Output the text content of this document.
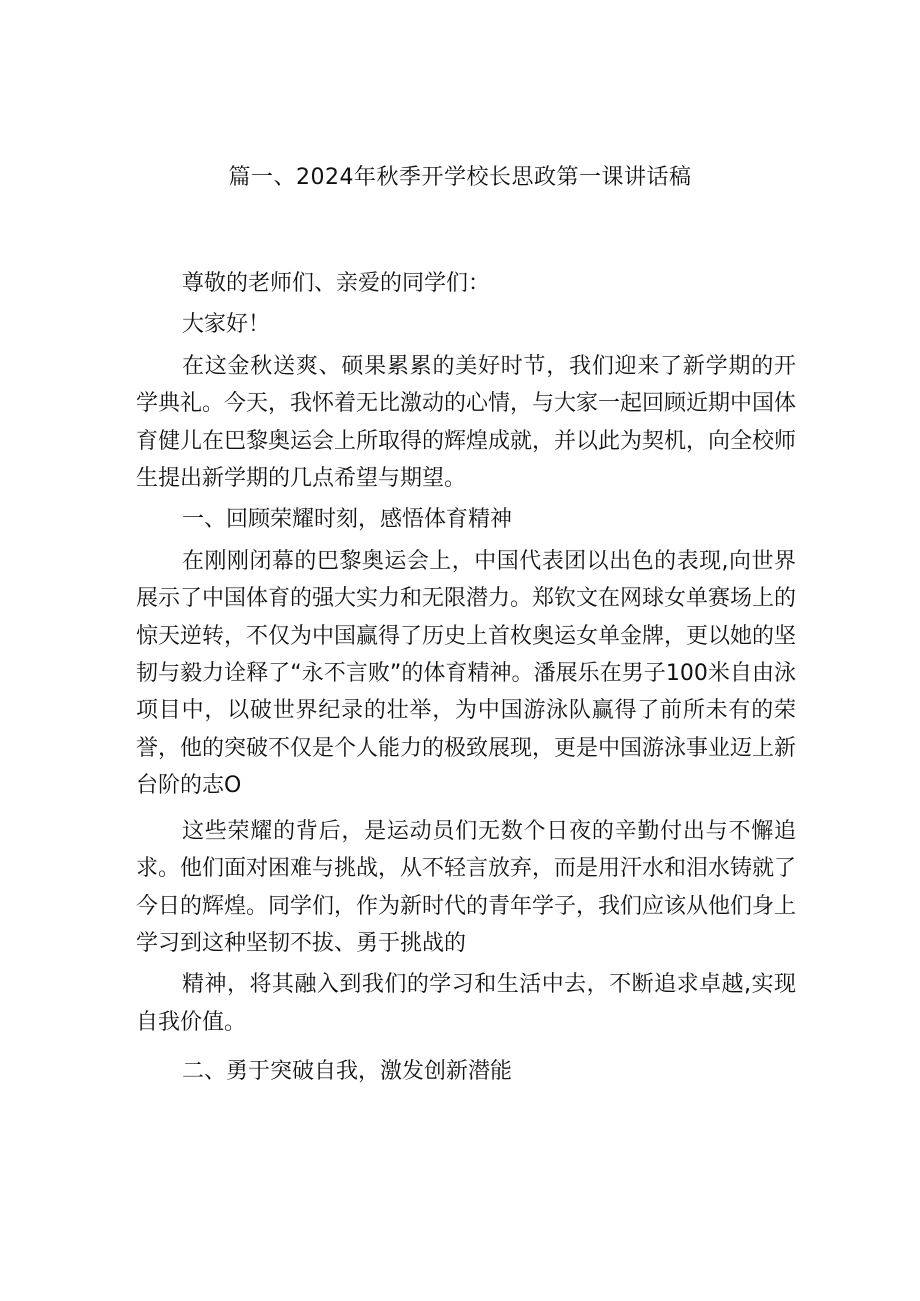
篇一、2024年秋季开学校长思政第一课讲话稿

尊敬的老师们、亲爱的同学们：

大家好！

在这金秋送爽、硕果累累的美好时节，我们迎来了新学期的开学典礼。今天，我怀着无比激动的心情，与大家一起回顾近期中国体育健儿在巴黎奥运会上所取得的辉煌成就，并以此为契机，向全校师生提出新学期的几点希望与期望。

一、回顾荣耀时刻，感悟体育精神

在刚刚闭幕的巴黎奥运会上，中国代表团以出色的表现,向世界展示了中国体育的强大实力和无限潜力。郑钦文在网球女单赛场上的惊天逆转，不仅为中国赢得了历史上首枚奥运女单金牌，更以她的坚韧与毅力诠释了“永不言败”的体育精神。潘展乐在男子100米自由泳项目中，以破世界纪录的壮举，为中国游泳队赢得了前所未有的荣誉，他的突破不仅是个人能力的极致展现，更是中国游泳事业迈上新台阶的志O

这些荣耀的背后，是运动员们无数个日夜的辛勤付出与不懈追求。他们面对困难与挑战，从不轻言放弃，而是用汗水和泪水铸就了今日的辉煌。同学们，作为新时代的青年学子，我们应该从他们身上学习到这种坚韧不拔、勇于挑战的

精神，将其融入到我们的学习和生活中去，不断追求卓越,实现自我价值。

二、勇于突破自我，激发创新潜能
